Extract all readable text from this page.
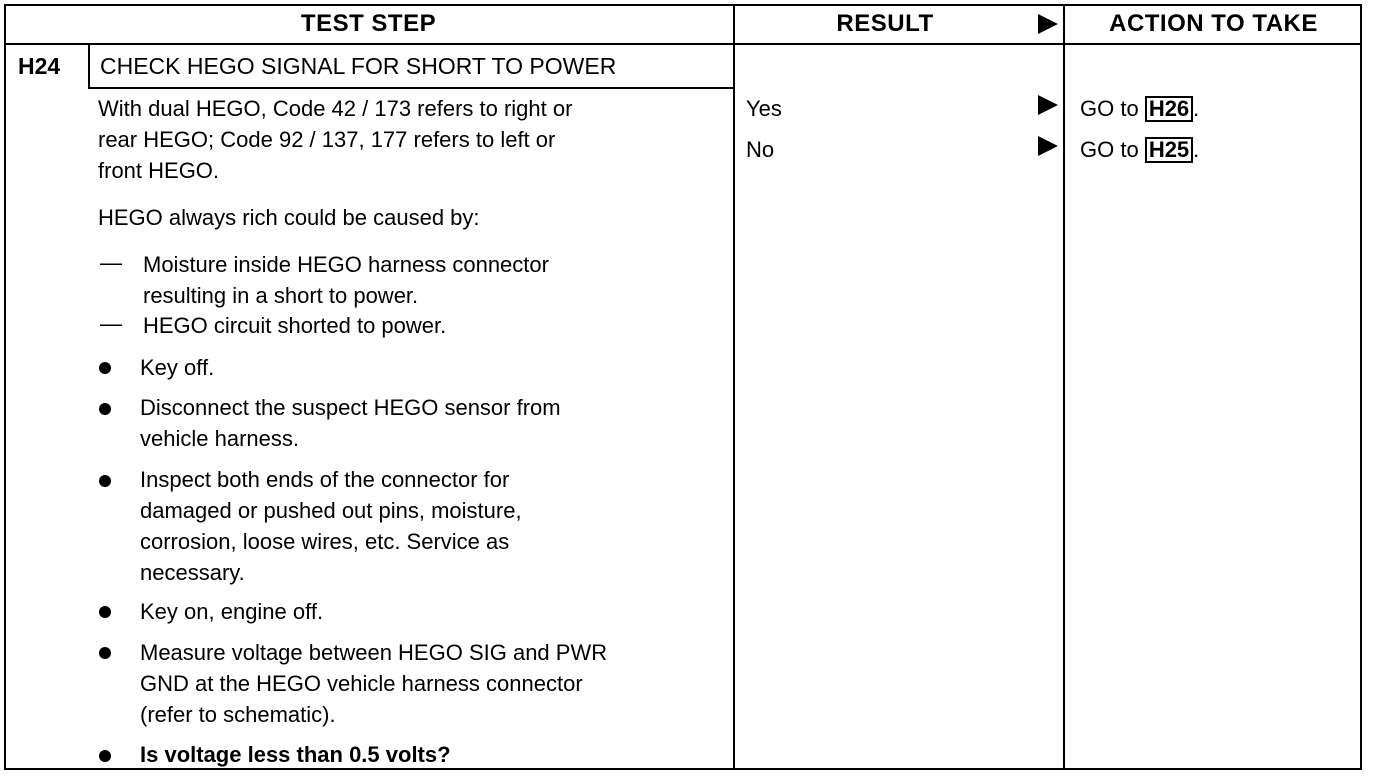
TEST STEP	RESULT	ACTION TO TAKE
H24 CHECK HEGO SIGNAL FOR SHORT TO POWER
With dual HEGO, Code 42 / 173 refers to right or
rear HEGO; Code 92 / 137, 177 refers to left or
front HEGO.
HEGO always rich could be caused by:
— Moisture inside HEGO harness connector
resulting in a short to power.
— HEGO circuit shorted to power.
Key off.
Disconnect the suspect HEGO sensor from
vehicle harness.
Inspect both ends of the connector for
damaged or pushed out pins, moisture,
corrosion, loose wires, etc. Service as
necessary.
Key on, engine off.
Measure voltage between HEGO SIG and PWR
GND at the HEGO vehicle harness connector
(refer to schematic).
Is voltage less than 0.5 volts?
Yes	GO to H26 .
No	GO to H25 .
